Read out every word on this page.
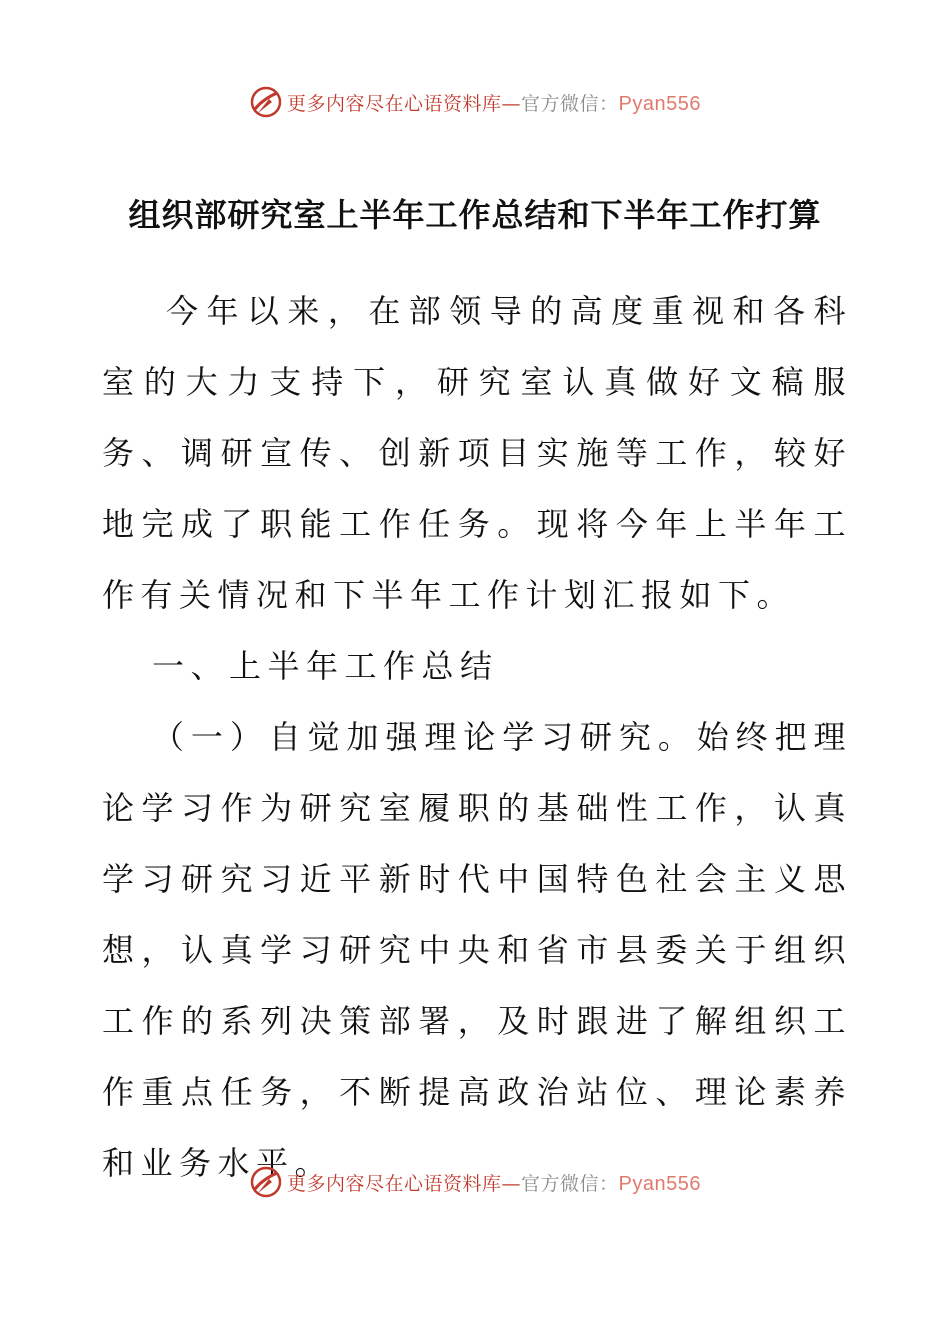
更多内容尽在心语资料库—官方微信：Pyan556
组织部研究室上半年工作总结和下半年工作打算

今年以来，在部领导的高度重视和各科室的大力支持下，研究室认真做好文稿服务、调研宣传、创新项目实施等工作，较好地完成了职能工作任务。现将今年上半年工作有关情况和下半年工作计划汇报如下。

一、上半年工作总结

（一）自觉加强理论学习研究。始终把理论学习作为研究室履职的基础性工作，认真学习研究习近平新时代中国特色社会主义思想，认真学习研究中央和省市县委关于组织工作的系列决策部署，及时跟进了解组织工作重点任务，不断提高政治站位、理论素养和业务水平。

更多内容尽在心语资料库—官方微信：Pyan556
